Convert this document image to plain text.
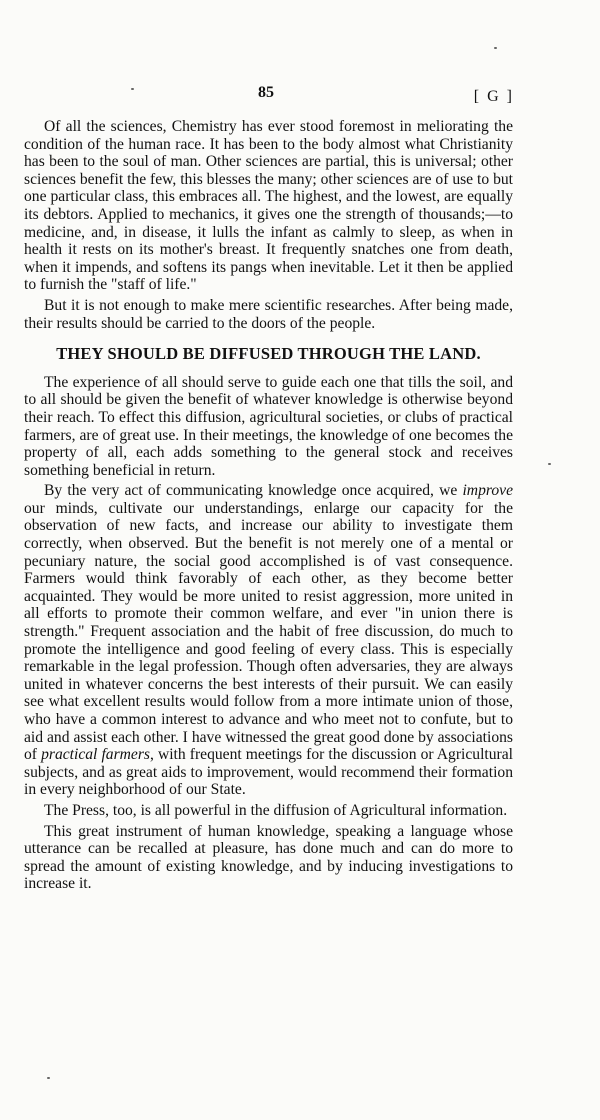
85	[ G ]

Of all the sciences, Chemistry has ever stood foremost in meliorating the condition of the human race. It has been to the body almost what Christianity has been to the soul of man. Other sciences are partial, this is universal; other sciences benefit the few, this blesses the many; other sciences are of use to but one particular class, this embraces all. The highest, and the lowest, are equally its debtors. Applied to mechanics, it gives one the strength of thousands;—to medicine, and, in disease, it lulls the infant as calmly to sleep, as when in health it rests on its mother's breast. It frequently snatches one from death, when it impends, and softens its pangs when inevitable. Let it then be applied to furnish the "staff of life."

But it is not enough to make mere scientific researches. After being made, their results should be carried to the doors of the people.

THEY SHOULD BE DIFFUSED THROUGH THE LAND.

The experience of all should serve to guide each one that tills the soil, and to all should be given the benefit of whatever knowledge is otherwise beyond their reach. To effect this diffusion, agricultural societies, or clubs of practical farmers, are of great use. In their meetings, the knowledge of one becomes the property of all, each adds something to the general stock and receives something beneficial in return.

By the very act of communicating knowledge once acquired, we improve our minds, cultivate our understandings, enlarge our capacity for the observation of new facts, and increase our ability to investigate them correctly, when observed. But the benefit is not merely one of a mental or pecuniary nature, the social good accomplished is of vast consequence. Farmers would think favorably of each other, as they become better acquainted. They would be more united to resist aggression, more united in all efforts to promote their common welfare, and ever "in union there is strength." Frequent association and the habit of free discussion, do much to promote the intelligence and good feeling of every class. This is especially remarkable in the legal profession. Though often adversaries, they are always united in whatever concerns the best interests of their pursuit. We can easily see what excellent results would follow from a more intimate union of those, who have a common interest to advance and who meet not to confute, but to aid and assist each other. I have witnessed the great good done by associations of practical farmers, with frequent meetings for the discussion or Agricultural subjects, and as great aids to improvement, would recommend their formation in every neighborhood of our State.

The Press, too, is all powerful in the diffusion of Agricultural information.

This great instrument of human knowledge, speaking a language whose utterance can be recalled at pleasure, has done much and can do more to spread the amount of existing knowledge, and by inducing investigations to increase it.
